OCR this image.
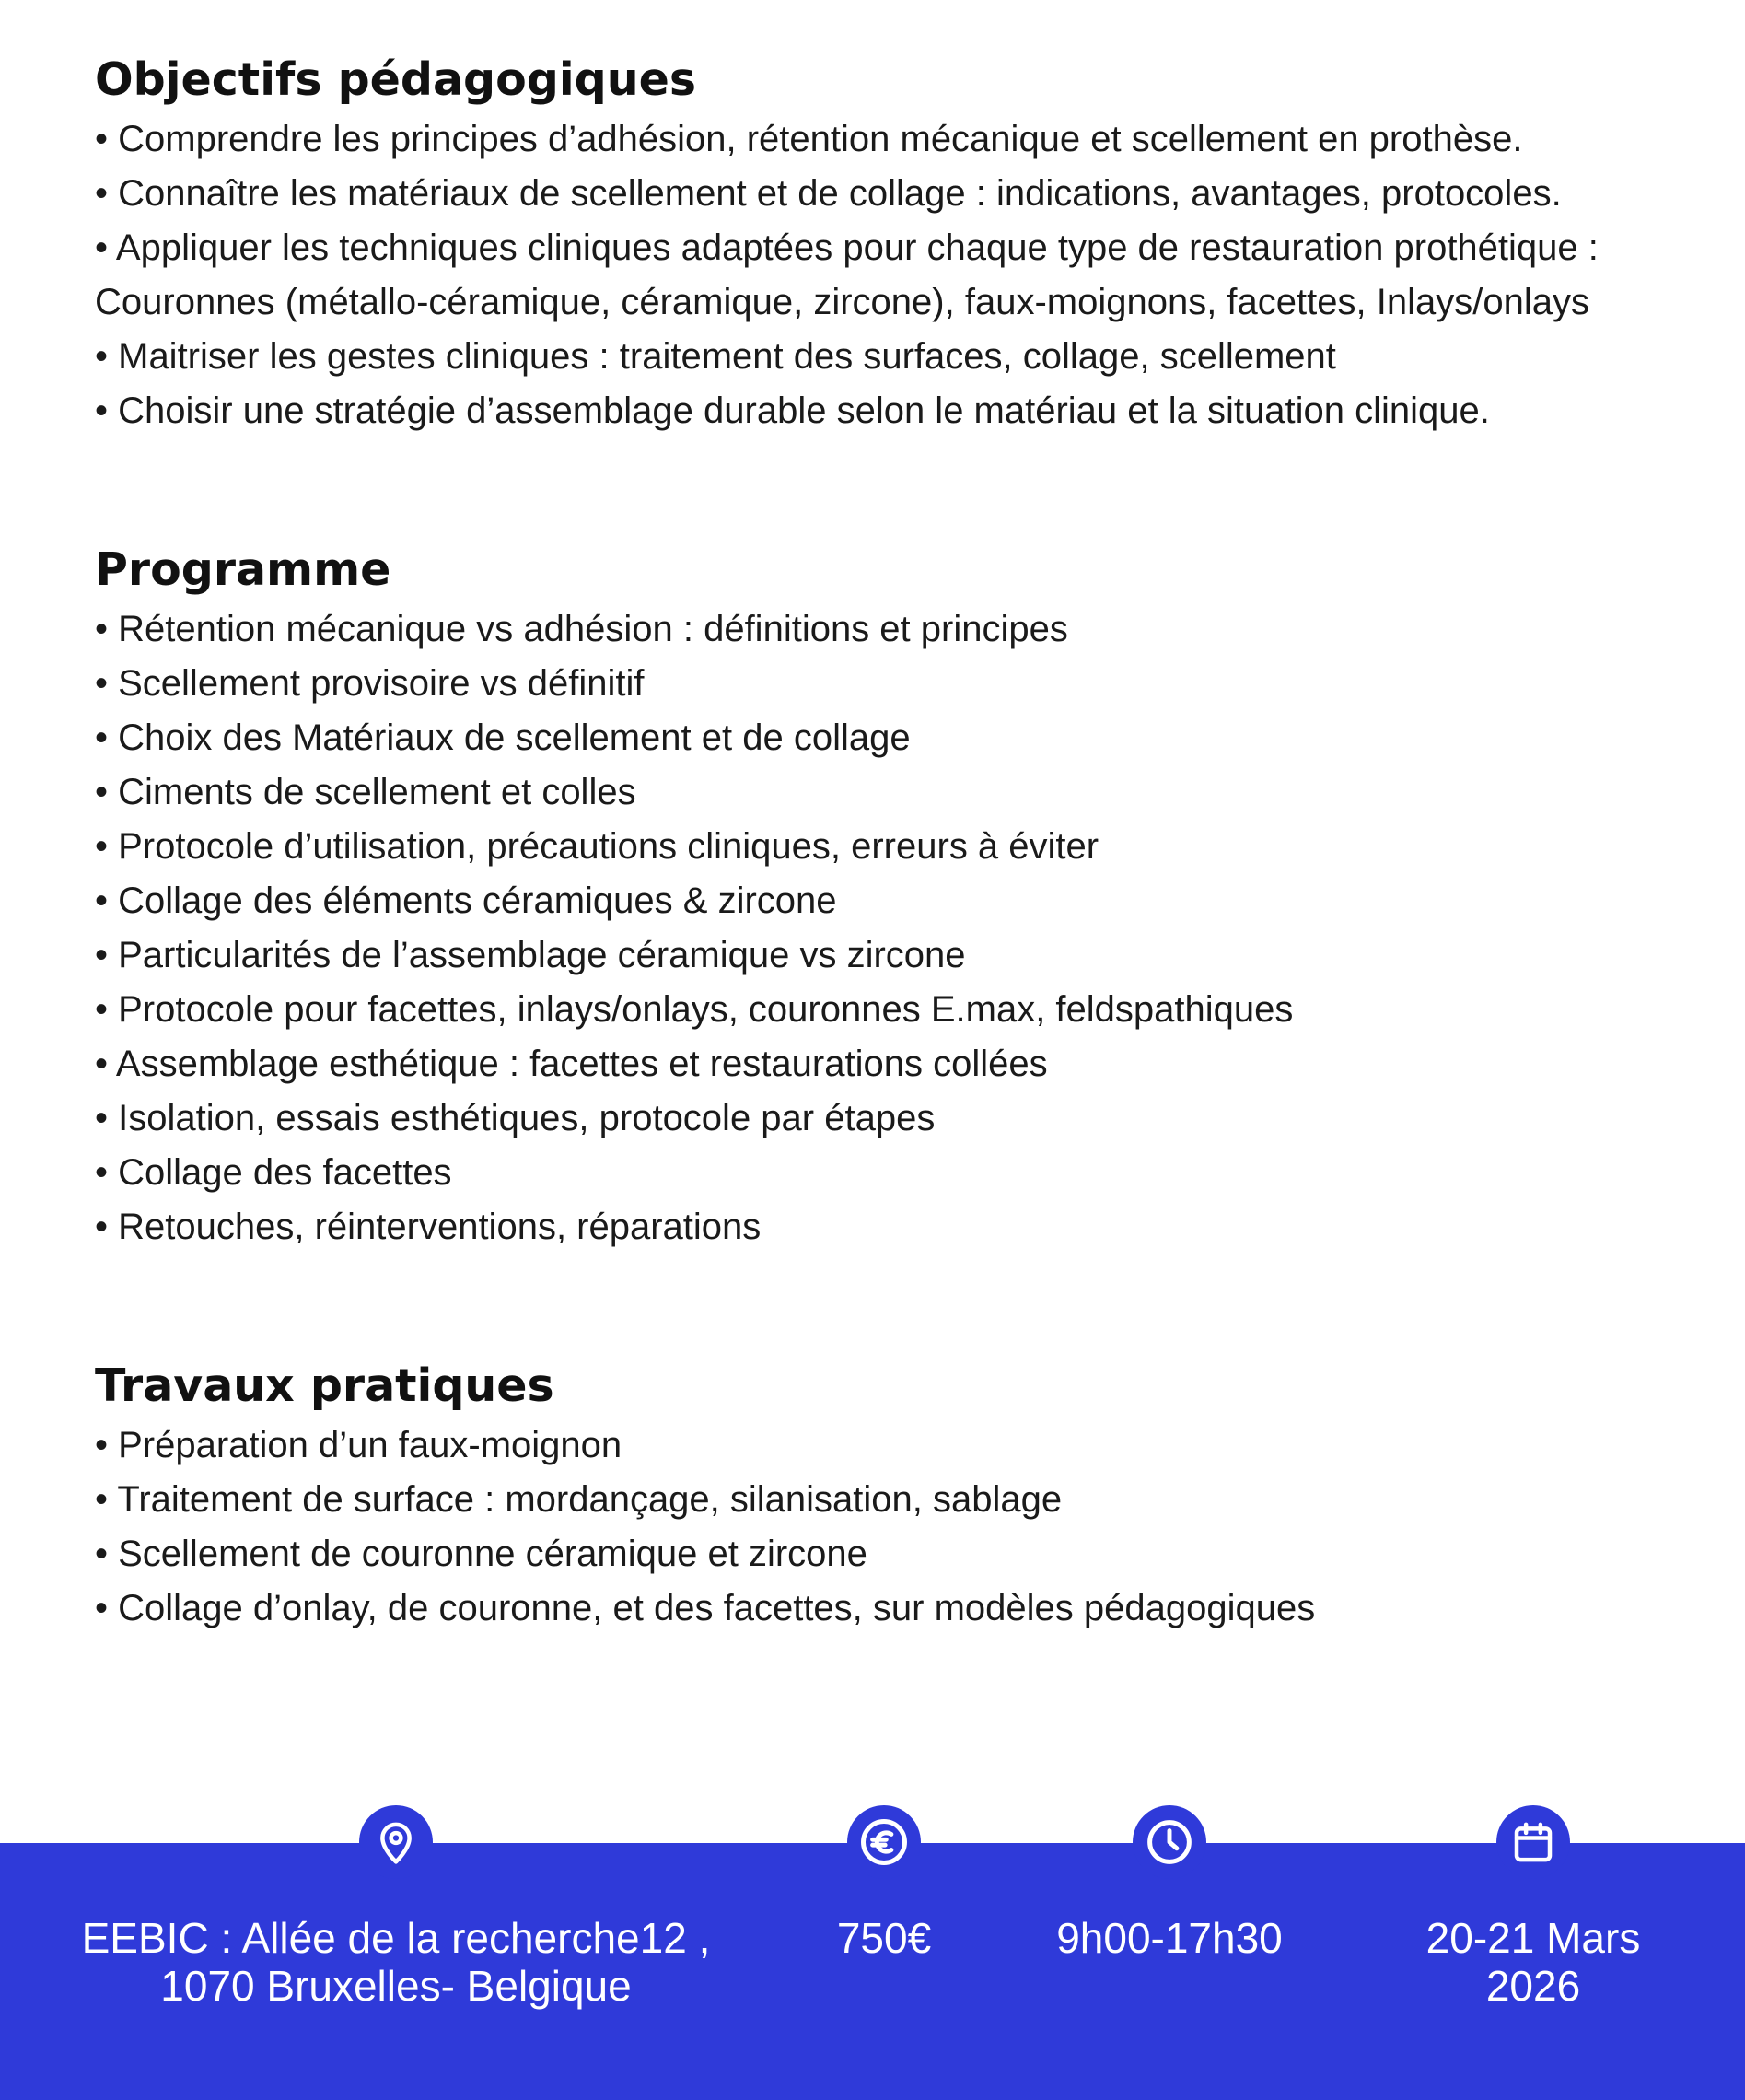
Objectifs pédagogiques
• Comprendre les principes d’adhésion, rétention mécanique et scellement en prothèse.
• Connaître les matériaux de scellement et de collage : indications, avantages, protocoles.
• Appliquer les techniques cliniques adaptées pour chaque type de restauration prothétique : Couronnes (métallo-céramique, céramique, zircone), faux-moignons, facettes, Inlays/onlays
• Maitriser les gestes cliniques : traitement des surfaces, collage, scellement
• Choisir une stratégie d’assemblage durable selon le matériau et la situation clinique.
Programme
• Rétention mécanique vs adhésion : définitions et principes
• Scellement provisoire vs définitif
• Choix des Matériaux de scellement et de collage
• Ciments de scellement et colles
• Protocole d’utilisation, précautions cliniques, erreurs à éviter
• Collage des éléments céramiques & zircone
• Particularités de l’assemblage céramique vs zircone
• Protocole pour facettes, inlays/onlays, couronnes E.max, feldspathiques
• Assemblage esthétique : facettes et restaurations collées
• Isolation, essais esthétiques, protocole par étapes
• Collage des facettes
• Retouches, réinterventions, réparations
Travaux pratiques
• Préparation d’un faux-moignon
• Traitement de surface : mordançage, silanisation, sablage
• Scellement de couronne céramique et zircone
• Collage d’onlay, de couronne, et des facettes, sur modèles pédagogiques
EEBIC : Allée de la recherche12 ,
1070 Bruxelles- Belgique
750€	9h00-17h30	20-21 Mars
2026
